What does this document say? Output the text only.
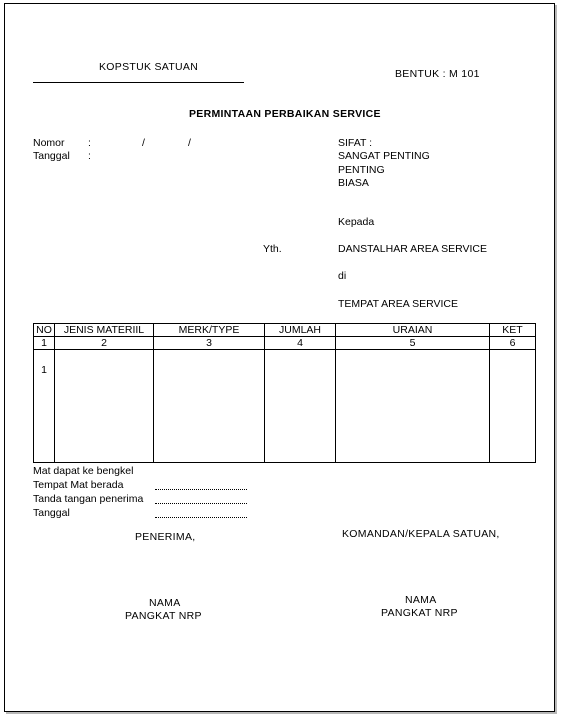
KOPSTUK SATUAN
BENTUK : M 101
PERMINTAAN PERBAIKAN SERVICE
Nomor :	/	/
Tanggal :
SIFAT :
SANGAT PENTING
PENTING
BIASA
Kepada
Yth.	DANSTALHAR AREA SERVICE
di
TEMPAT AREA SERVICE
NO	JENIS MATERIIL	MERK/TYPE	JUMLAH	URAIAN	KET
1	2	3	4	5	6
1					
Mat dapat ke bengkel
Tempat Mat berada
Tanda tangan penerima
Tanggal
PENERIMA,	KOMANDAN/KEPALA SATUAN,
NAMA
PANGKAT NRP
NAMA
PANGKAT NRP
